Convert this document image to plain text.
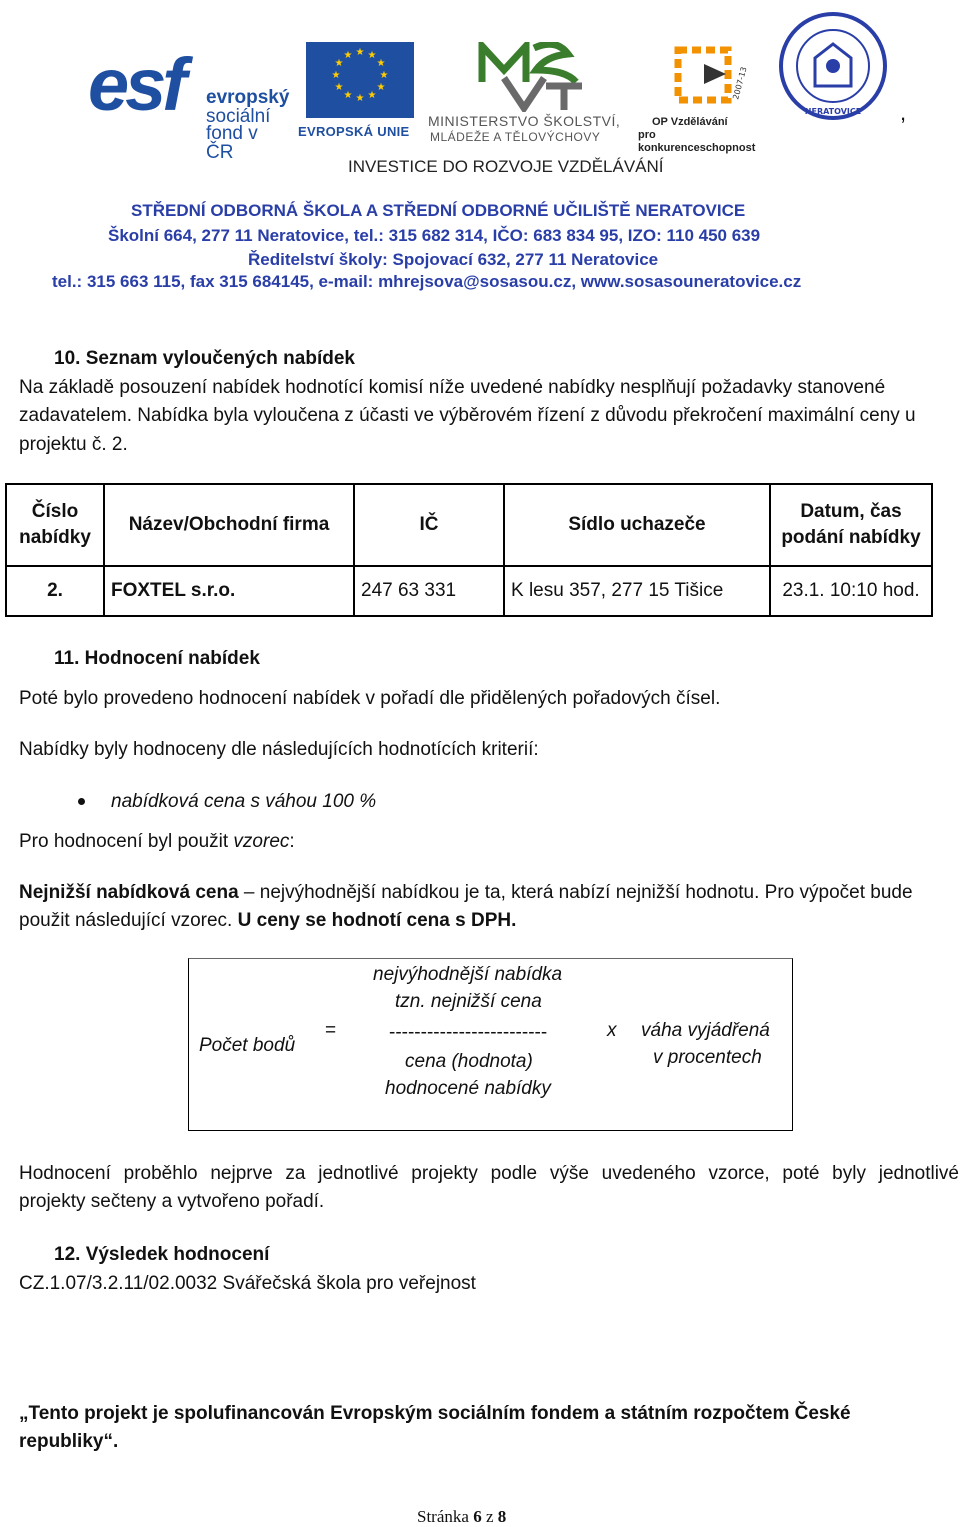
esf evropský
sociální
fond v ČR
★ ★
★
★
★
★
★
★
★
★
★
★
EVROPSKÁ UNIE
MINISTERSTVO ŠKOLSTVÍ,
MLÁDEŽE A TĚLOVÝCHOVY
2007-13
OP Vzdělávání
pro konkurenceschopnost
NERATOVICE ,
INVESTICE DO ROZVOJE VZDĚLÁVÁNÍ
STŘEDNÍ ODBORNÁ ŠKOLA A STŘEDNÍ ODBORNÉ UČILIŠTĚ NERATOVICE
Školní 664, 277 11 Neratovice, tel.: 315 682 314, IČO: 683 834 95, IZO: 110 450 639
Ředitelství školy: Spojovací 632, 277 11 Neratovice
tel.: 315 663 115, fax 315 684145, e-mail: mhrejsova@sosasou.cz, www.sosasouneratovice.cz
10. Seznam vyloučených nabídek
Na základě posouzení nabídek hodnotící komisí níže uvedené nabídky nesplňují požadavky stanovené
zadavatelem. Nabídka byla vyloučena z účasti ve výběrovém řízení z důvodu překročení maximální ceny u
projektu č. 2.
Číslo nabídky	Název/Obchodní firma	IČ	Sídlo uchazeče	Datum, čas podání nabídky
2.	FOXTEL s.r.o.	247 63 331	K lesu 357, 277 15 Tišice	23.1. 10:10 hod.
11. Hodnocení nabídek
Poté bylo provedeno hodnocení nabídek v pořadí dle přidělených pořadových čísel.
Nabídky byly hodnoceny dle následujících hodnotících kriterií:
nabídková cena s váhou 100 %
Pro hodnocení byl použit vzorec:
Nejnižší nabídková cena – nejvýhodnější nabídkou je ta, která nabízí nejnižší hodnotu. Pro výpočet bude
použit následující vzorec. U ceny se hodnotí cena s DPH.
Počet bodů
=
nejvýhodnější nabídka
tzn. nejnižší cena
-------------------------
cena (hodnota)
hodnocené nabídky
x váha vyjádřená
v procentech
Hodnocení proběhlo nejprve za jednotlivé projekty podle výše uvedeného vzorce, poté byly jednotlivé
projekty sečteny a vytvořeno pořadí.
12. Výsledek hodnocení
CZ.1.07/3.2.11/02.0032 Svářečská škola pro veřejnost
„Tento projekt je spolufinancován Evropským sociálním fondem a státním rozpočtem České
republiky“.
Stránka 6 z 8
